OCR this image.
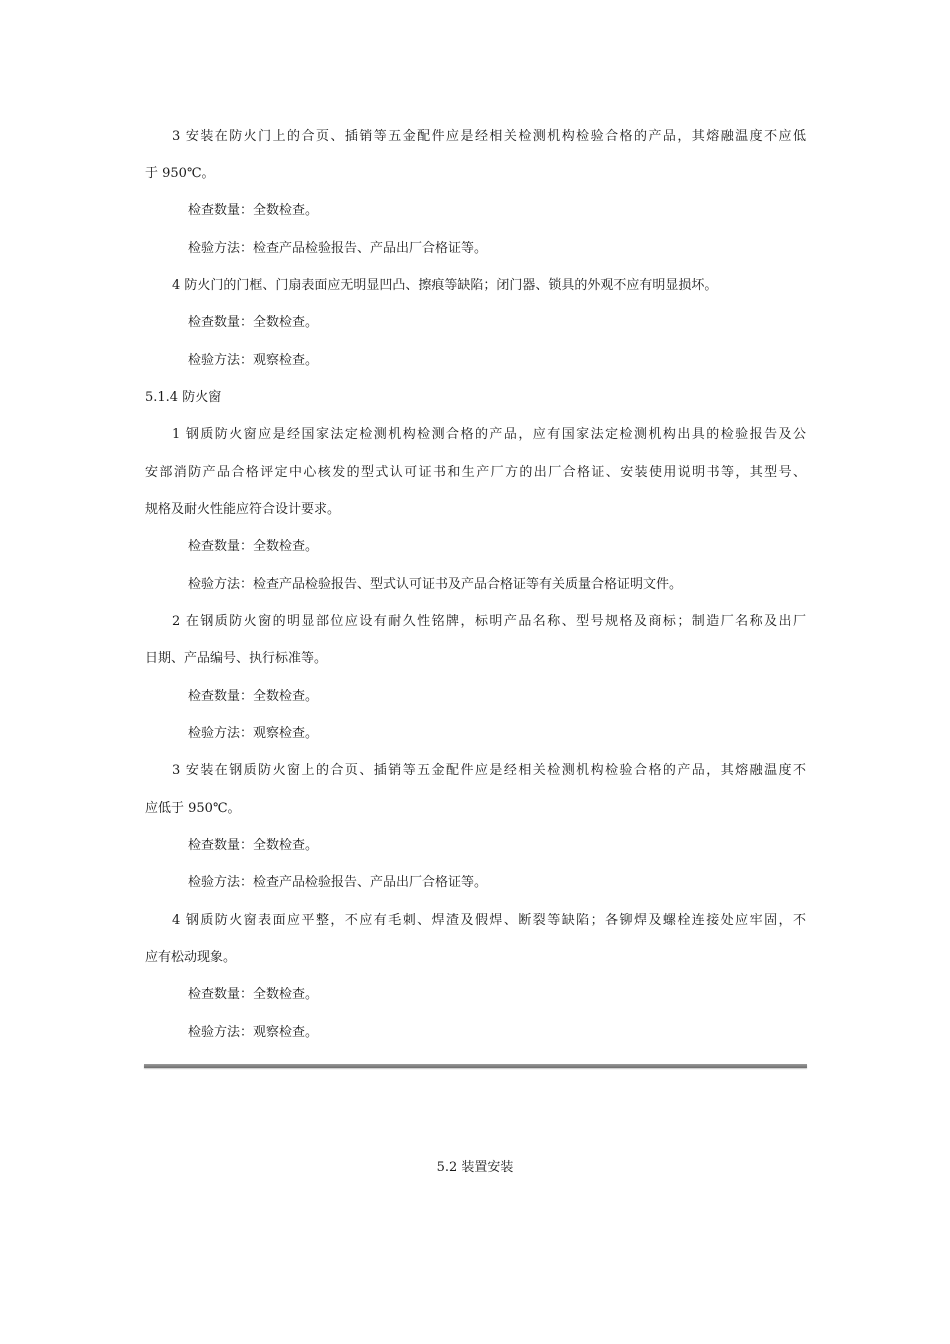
3 安装在防火门上的合页、插销等五金配件应是经相关检测机构检验合格的产品，其熔融温度不应低
于 950℃。
检查数量：全数检查。
检验方法：检查产品检验报告、产品出厂合格证等。
4 防火门的门框、门扇表面应无明显凹凸、擦痕等缺陷；闭门器、锁具的外观不应有明显损坏。
检查数量：全数检查。
检验方法：观察检查。
5.1.4 防火窗
1 钢质防火窗应是经国家法定检测机构检测合格的产品，应有国家法定检测机构出具的检验报告及公
安部消防产品合格评定中心核发的型式认可证书和生产厂方的出厂合格证、安装使用说明书等，其型号、
规格及耐火性能应符合设计要求。
检查数量：全数检查。
检验方法：检查产品检验报告、型式认可证书及产品合格证等有关质量合格证明文件。
2 在钢质防火窗的明显部位应设有耐久性铭牌，标明产品名称、型号规格及商标；制造厂名称及出厂
日期、产品编号、执行标准等。
检查数量：全数检查。
检验方法：观察检查。
3 安装在钢质防火窗上的合页、插销等五金配件应是经相关检测机构检验合格的产品，其熔融温度不
应低于 950℃。
检查数量：全数检查。
检验方法：检查产品检验报告、产品出厂合格证等。
4 钢质防火窗表面应平整，不应有毛刺、焊渣及假焊、断裂等缺陷；各铆焊及螺栓连接处应牢固，不
应有松动现象。
检查数量：全数检查。
检验方法：观察检查。
5.2 装置安装
